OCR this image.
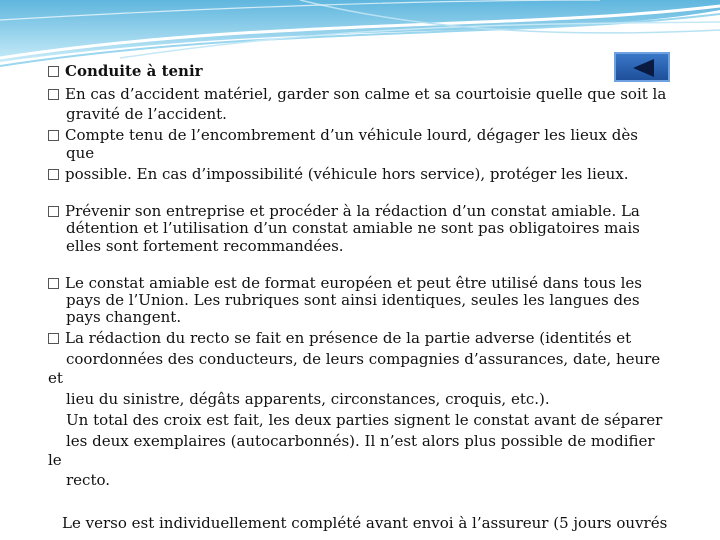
Conduite à tenir
En cas d’accident matériel, garder son calme et sa courtoisie quelle que soit la
gravité de l’accident.
Compte tenu de l’encombrement d’un véhicule lourd, dégager les lieux dès
que
possible. En cas d’impossibilité (véhicule hors service), protéger les lieux.
Prévenir son entreprise et procéder à la rédaction d’un constat amiable. La
détention et l’utilisation d’un constat amiable ne sont pas obligatoires mais
elles sont fortement recommandées.
Le constat amiable est de format européen et peut être utilisé dans tous les
pays de l’Union. Les rubriques sont ainsi identiques, seules les langues des
pays changent.
La rédaction du recto se fait en présence de la partie adverse (identités et
coordonnées des conducteurs, de leurs compagnies d’assurances, date, heure
et
lieu du sinistre, dégâts apparents, circonstances, croquis, etc.).
Un total des croix est fait, les deux parties signent le constat avant de séparer
les deux exemplaires (autocarbonnés). Il n’est alors plus possible de modifier
le
recto.
Le verso est individuellement complété avant envoi à l’assureur (5 jours ouvrés
